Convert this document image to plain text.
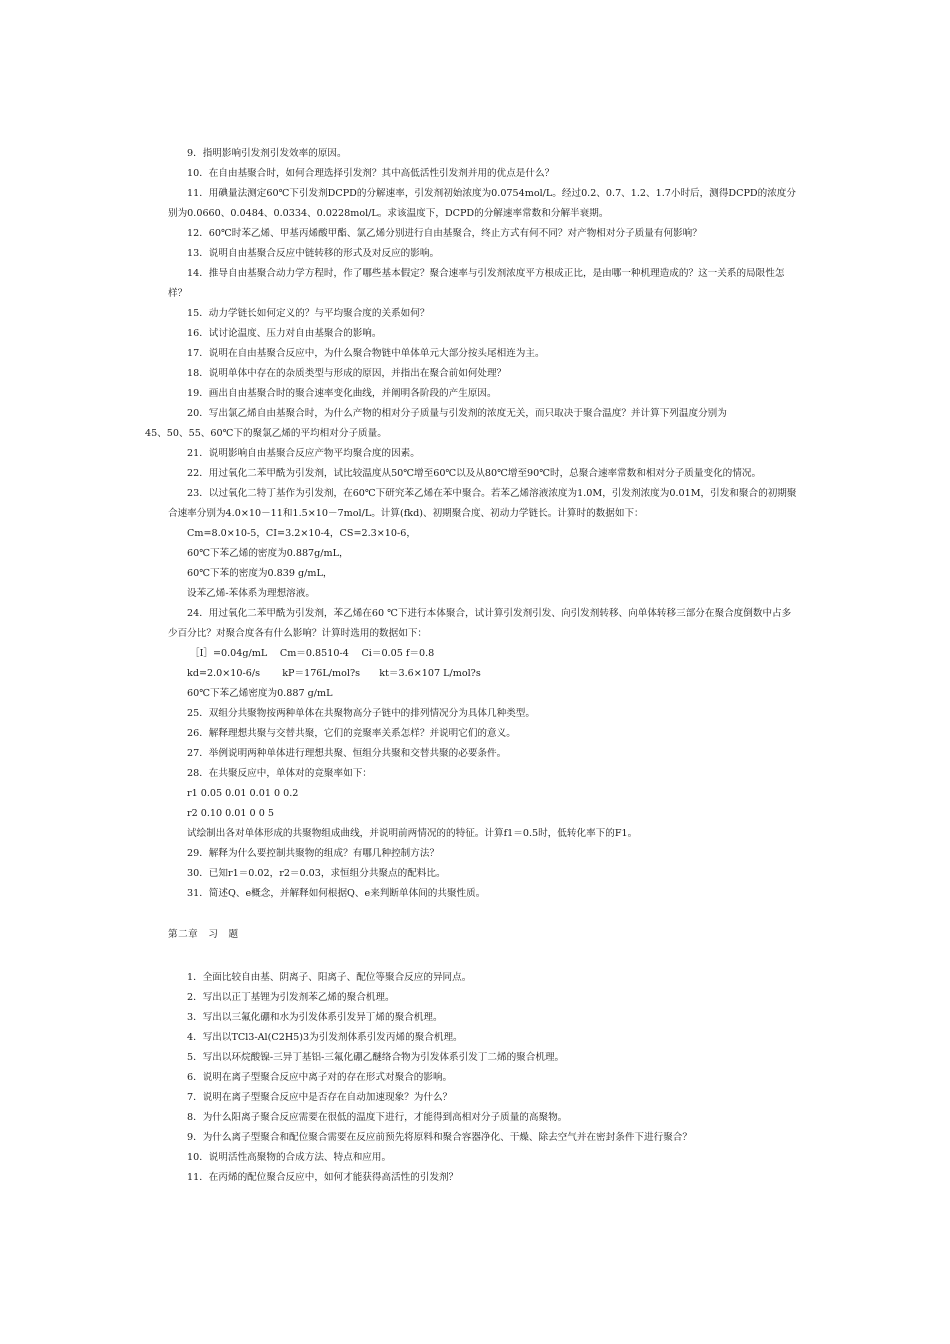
9．指明影响引发剂引发效率的原因。

10．在自由基聚合时，如何合理选择引发剂？其中高低活性引发剂并用的优点是什么？

11．用碘量法测定60℃下引发剂DCPD的分解速率，引发剂初始浓度为0.0754mol/L。经过0.2、0.7、1.2、1.7小时后，测得DCPD的浓度分别为0.0660、0.0484、0.0334、0.0228mol/L。求该温度下，DCPD的分解速率常数和分解半衰期。

12．60℃时苯乙烯、甲基丙烯酸甲酯、氯乙烯分别进行自由基聚合，终止方式有何不同？对产物相对分子质量有何影响？

13．说明自由基聚合反应中链转移的形式及对反应的影响。

14．推导自由基聚合动力学方程时，作了哪些基本假定？聚合速率与引发剂浓度平方根成正比，是由哪一种机理造成的？这一关系的局限性怎样？

15．动力学链长如何定义的？与平均聚合度的关系如何？

16．试讨论温度、压力对自由基聚合的影响。

17．说明在自由基聚合反应中，为什么聚合物链中单体单元大部分按头尾相连为主。

18．说明单体中存在的杂质类型与形成的原因，并指出在聚合前如何处理？

19．画出自由基聚合时的聚合速率变化曲线，并阐明各阶段的产生原因。

20．写出氯乙烯自由基聚合时，为什么产物的相对分子质量与引发剂的浓度无关，而只取决于聚合温度？并计算下列温度分别为

45、50、55、60℃下的聚氯乙烯的平均相对分子质量。

21．说明影响自由基聚合反应产物平均聚合度的因素。

22．用过氧化二苯甲酰为引发剂，试比较温度从50℃增至60℃以及从80℃增至90℃时，总聚合速率常数和相对分子质量变化的情况。

23．以过氧化二特丁基作为引发剂，在60℃下研究苯乙烯在苯中聚合。若苯乙烯溶液浓度为1.0M，引发剂浓度为0.01M，引发和聚合的初期聚合速率分别为4.0×10－11和1.5×10－7mol/L。计算(fkd)、初期聚合度、初动力学链长。计算时的数据如下：

Cm=8.0×10-5，CI=3.2×10-4，CS=2.3×10-6，

60℃下苯乙烯的密度为0.887g/mL，

60℃下苯的密度为0.839 g/mL，

设苯乙烯-苯体系为理想溶液。

24．用过氧化二苯甲酰为引发剂，苯乙烯在60 ℃下进行本体聚合，试计算引发剂引发、向引发剂转移、向单体转移三部分在聚合度倒数中占多少百分比？对聚合度各有什么影响？计算时选用的数据如下：

［I］=0.04g/mL　 Cm＝0.8510-4　 Ci＝0.05 f＝0.8

kd=2.0×10-6/s　　 kP＝176L/mol?s　　kt＝3.6×107 L/mol?s

60℃下苯乙烯密度为0.887 g/mL

25．双组分共聚物按两种单体在共聚物高分子链中的排列情况分为具体几种类型。

26．解释理想共聚与交替共聚，它们的竞聚率关系怎样？并说明它们的意义。

27．举例说明两种单体进行理想共聚、恒组分共聚和交替共聚的必要条件。

28．在共聚反应中，单体对的竞聚率如下：

r1 0.05 0.01 0.01 0 0.2

r2 0.10 0.01 0 0 5

试绘制出各对单体形成的共聚物组成曲线，并说明前两情况的的特征。计算f1＝0.5时，低转化率下的F1。

29．解释为什么要控制共聚物的组成？有哪几种控制方法？

30．已知r1＝0.02，r2＝0.03，求恒组分共聚点的配料比。

31．简述Q、e概念，并解释如何根据Q、e来判断单体间的共聚性质。

第二章　习　题

1．全面比较自由基、阴离子、阳离子、配位等聚合反应的异同点。

2．写出以正丁基锂为引发剂苯乙烯的聚合机理。

3．写出以三氟化硼和水为引发体系引发异丁烯的聚合机理。

4．写出以TCl3-Al(C2H5)3为引发剂体系引发丙烯的聚合机理。

5．写出以环烷酸镍-三异丁基铝-三氟化硼乙醚络合物为引发体系引发丁二烯的聚合机理。

6．说明在离子型聚合反应中离子对的存在形式对聚合的影响。

7．说明在离子型聚合反应中是否存在自动加速现象？为什么？

8．为什么阳离子聚合反应需要在很低的温度下进行，才能得到高相对分子质量的高聚物。

9．为什么离子型聚合和配位聚合需要在反应前预先将原料和聚合容器净化、干燥、除去空气并在密封条件下进行聚合？

10．说明活性高聚物的合成方法、特点和应用。

11．在丙烯的配位聚合反应中，如何才能获得高活性的引发剂？
